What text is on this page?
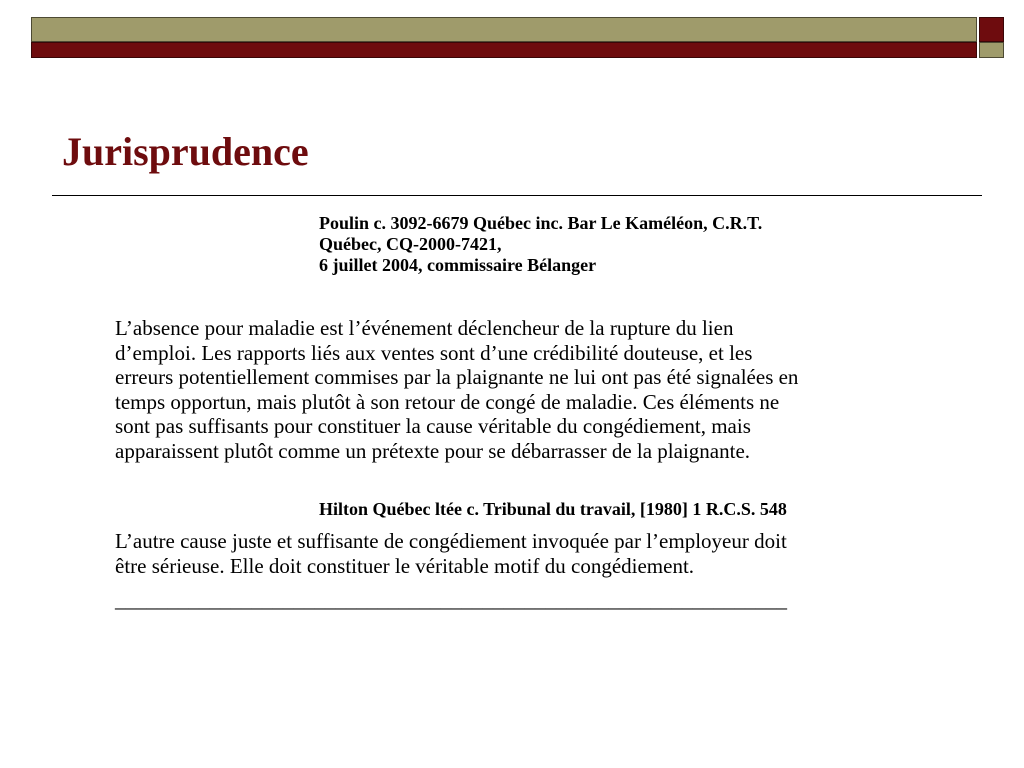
Jurisprudence
Poulin c. 3092-6679 Québec inc. Bar Le Kaméléon, C.R.T.
Québec, CQ-2000-7421,
6 juillet 2004, commissaire Bélanger
L’absence pour maladie est l’événement déclencheur de la rupture du lien
d’emploi. Les rapports liés aux ventes sont d’une crédibilité douteuse, et les
erreurs potentiellement commises par la plaignante ne lui ont pas été signalées en
temps opportun, mais plutôt à son retour de congé de maladie. Ces éléments ne
sont pas suffisants pour constituer la cause véritable du congédiement, mais
apparaissent plutôt comme un prétexte pour se débarrasser de la plaignante.
Hilton Québec ltée c. Tribunal du travail, [1980] 1 R.C.S. 548
L’autre cause juste et suffisante de congédiement invoquée par l’employeur doit
être sérieuse. Elle doit constituer le véritable motif du congédiement.
________________________________________________________________
